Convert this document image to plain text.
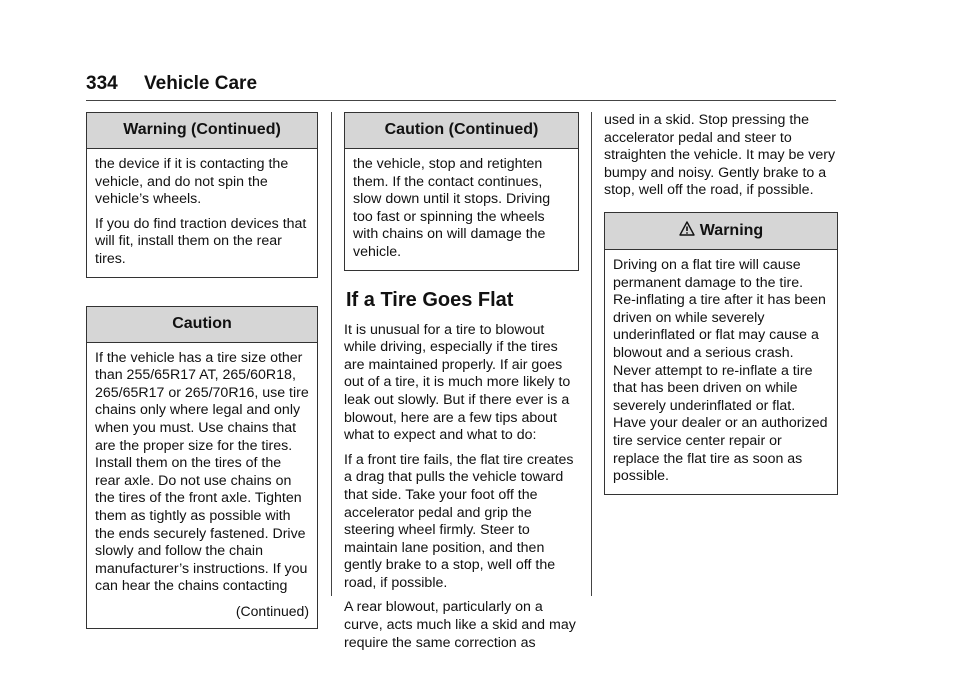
334 Vehicle Care
Warning (Continued)

the device if it is contacting the vehicle, and do not spin the vehicle’s wheels.

If you do find traction devices that will fit, install them on the rear tires.

Caution

If the vehicle has a tire size other than 255/65R17 AT, 265/60R18, 265/65R17 or 265/70R16, use tire chains only where legal and only when you must. Use chains that are the proper size for the tires. Install them on the tires of the rear axle. Do not use chains on the tires of the front axle. Tighten them as tightly as possible with the ends securely fastened. Drive slowly and follow the chain manufacturer’s instructions. If you can hear the chains contacting

(Continued)
Caution (Continued)

the vehicle, stop and retighten them. If the contact continues, slow down until it stops. Driving too fast or spinning the wheels with chains on will damage the vehicle.

If a Tire Goes Flat

It is unusual for a tire to blowout while driving, especially if the tires are maintained properly. If air goes out of a tire, it is much more likely to leak out slowly. But if there ever is a blowout, here are a few tips about what to expect and what to do:

If a front tire fails, the flat tire creates a drag that pulls the vehicle toward that side. Take your foot off the accelerator pedal and grip the steering wheel firmly. Steer to maintain lane position, and then gently brake to a stop, well off the road, if possible.

A rear blowout, particularly on a curve, acts much like a skid and may require the same correction as

used in a skid. Stop pressing the accelerator pedal and steer to straighten the vehicle. It may be very bumpy and noisy. Gently brake to a stop, well off the road, if possible.

Warning

Driving on a flat tire will cause permanent damage to the tire. Re-inflating a tire after it has been driven on while severely underinflated or flat may cause a blowout and a serious crash. Never attempt to re-inflate a tire that has been driven on while severely underinflated or flat. Have your dealer or an authorized tire service center repair or replace the flat tire as soon as possible.
